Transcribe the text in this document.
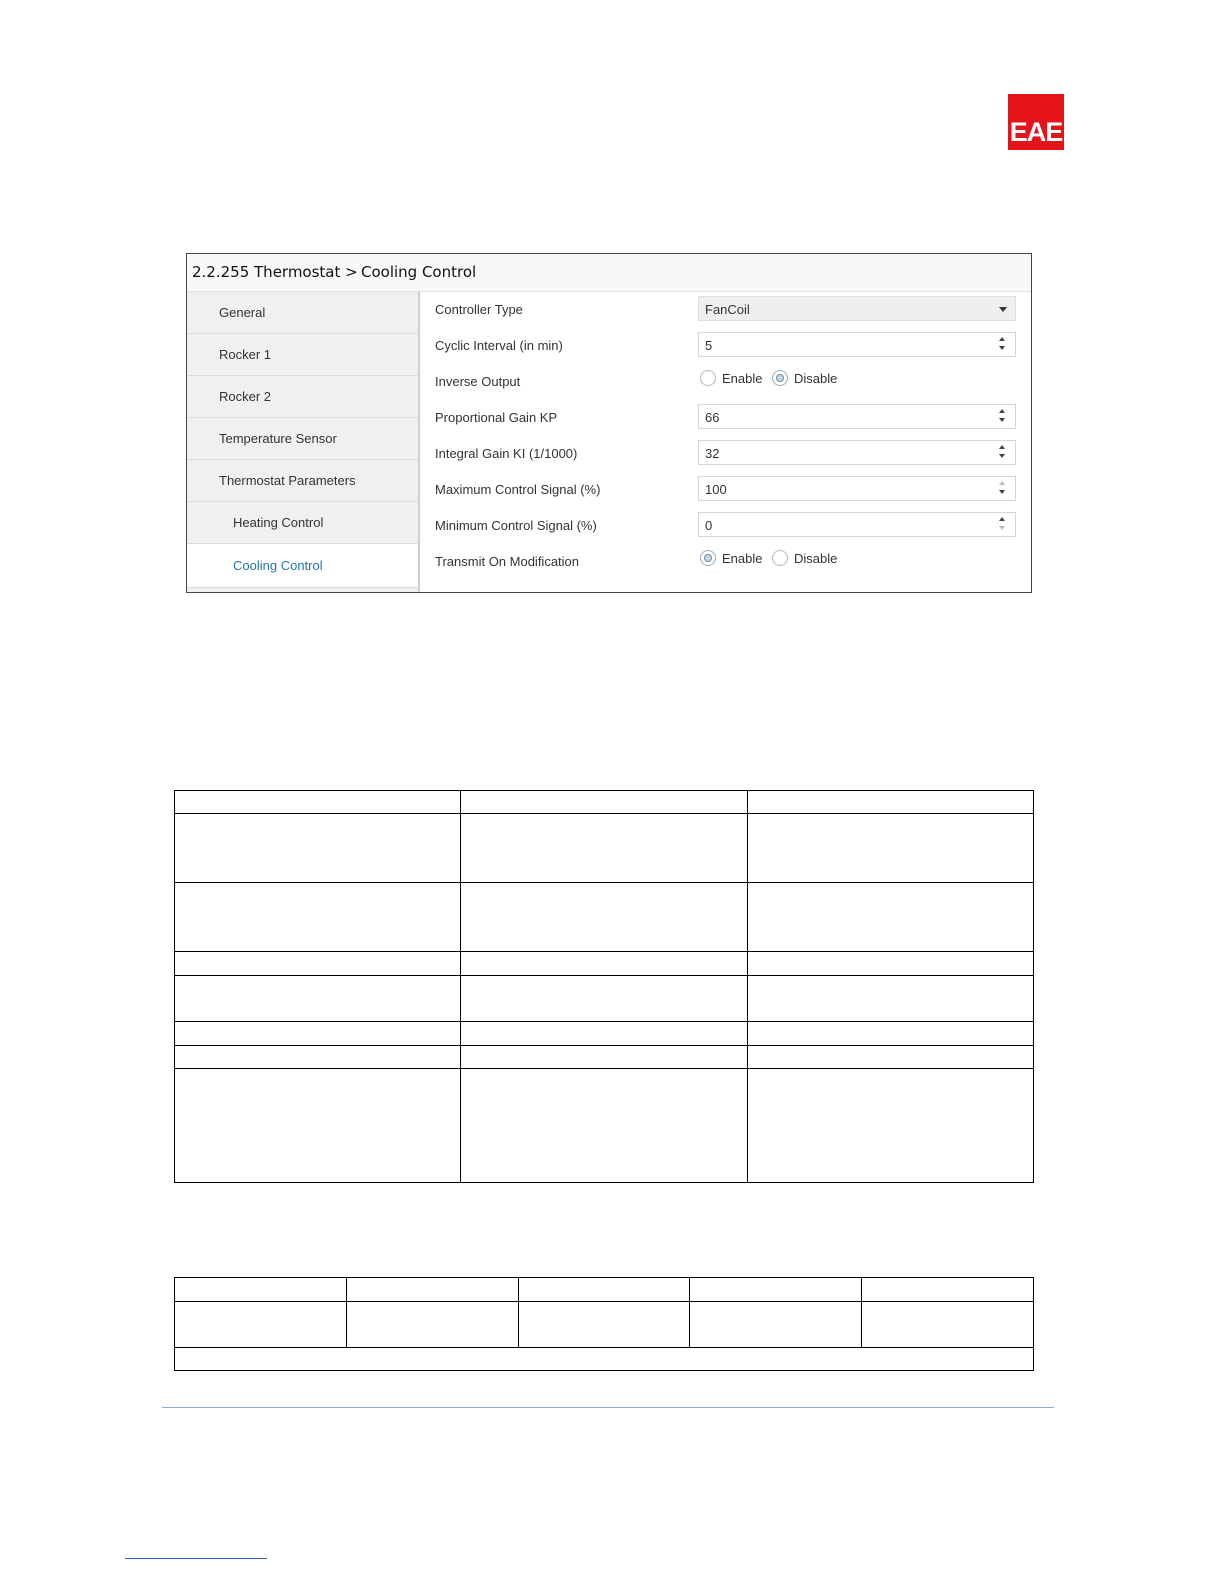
EAE
2.2.255 Thermostat > Cooling Control
General
Rocker 1
Rocker 2
Temperature Sensor
Thermostat Parameters
Heating Control
Cooling Control
Controller Type	FanCoil
Cyclic Interval (in min)	5
Inverse Output	Enable Disable
Proportional Gain KP	66
Integral Gain KI (1/1000)	32
Maximum Control Signal (%)	100
Minimum Control Signal (%)	0
Transmit On Modification	Enable Disable
